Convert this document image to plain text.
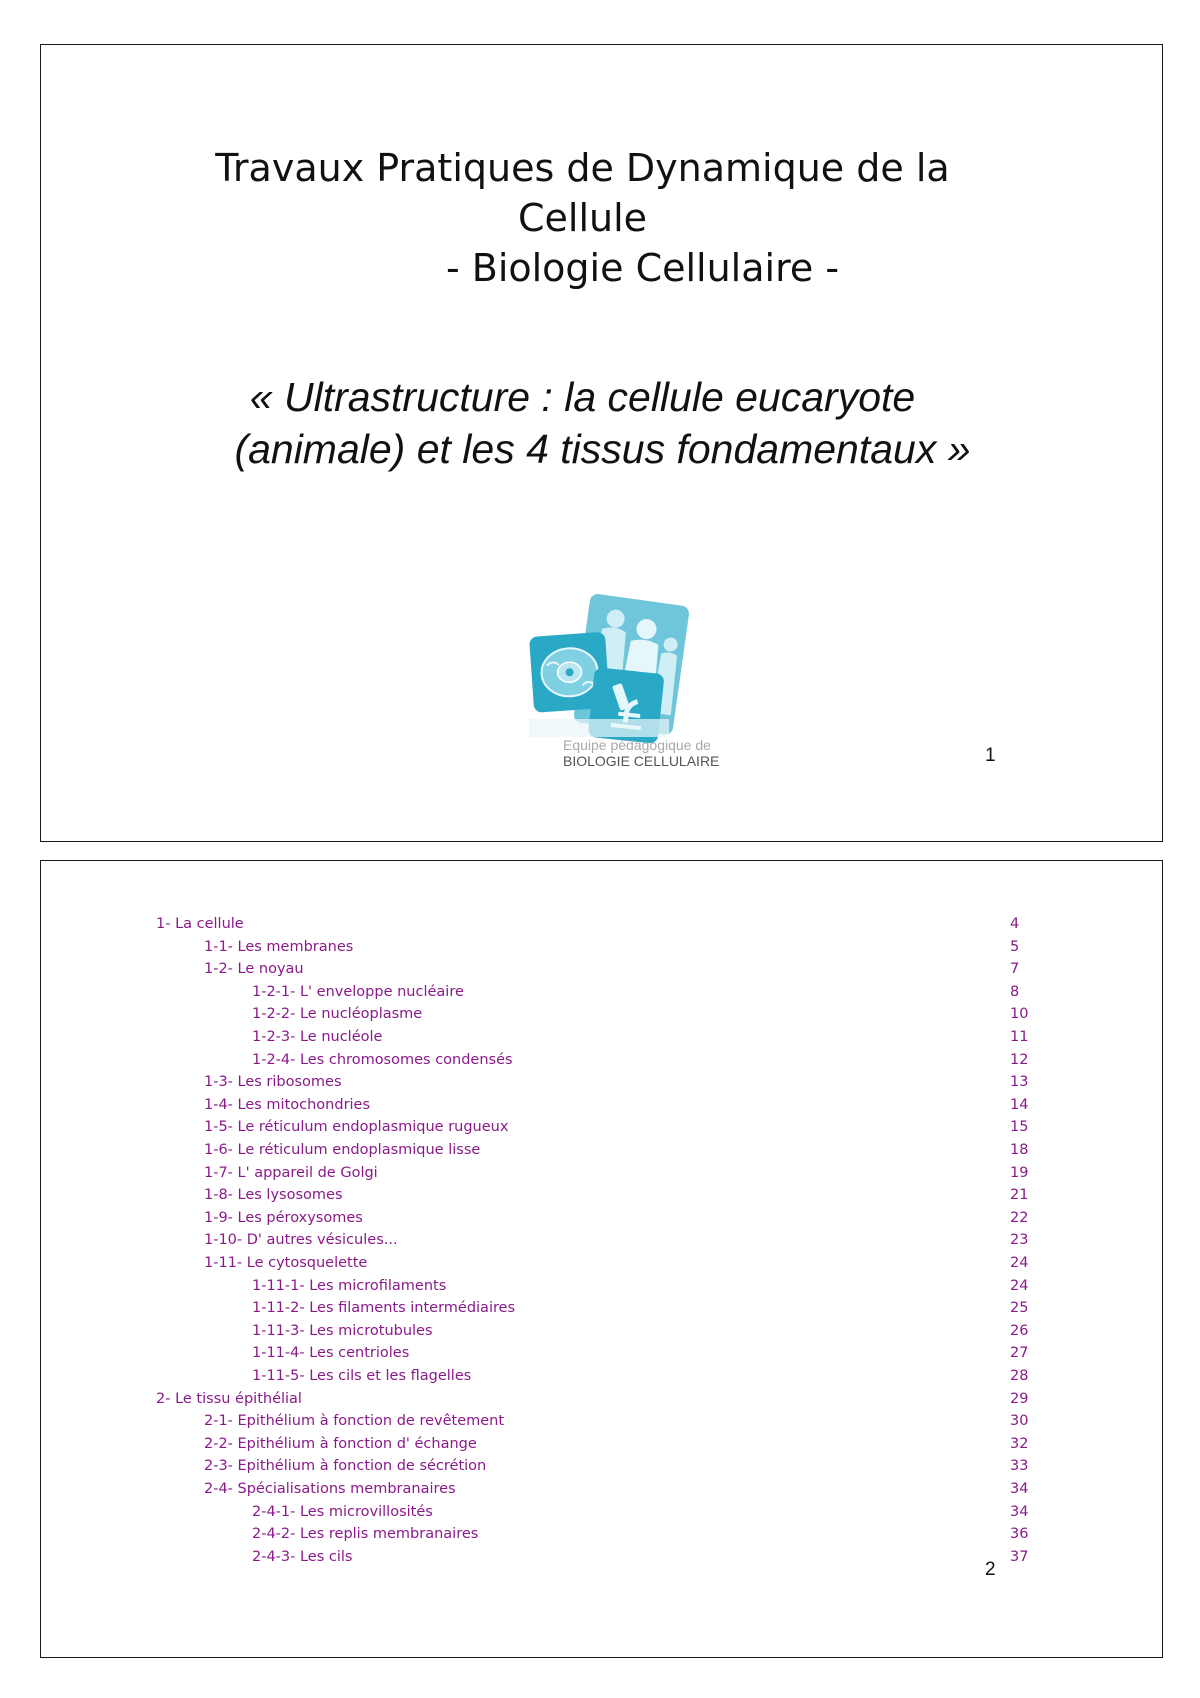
Travaux Pratiques de Dynamique de la
Cellule
- Biologie Cellulaire -
« Ultrastructure : la cellule eucaryote
(animale) et les 4 tissus fondamentaux »
Equipe pédagogique de
BIOLOGIE CELLULAIRE	1
1- La cellule	4
1-1- Les membranes	5
1-2- Le noyau	7
1-2-1- L' enveloppe nucléaire	8
1-2-2- Le nucléoplasme	10
1-2-3- Le nucléole	11
1-2-4- Les chromosomes condensés	12
1-3- Les ribosomes	13
1-4- Les mitochondries	14
1-5- Le réticulum endoplasmique rugueux	15
1-6- Le réticulum endoplasmique lisse	18
1-7- L' appareil de Golgi	19
1-8- Les lysosomes	21
1-9- Les péroxysomes	22
1-10- D' autres vésicules...	23
1-11- Le cytosquelette	24
1-11-1- Les microfilaments	24
1-11-2- Les filaments intermédiaires	25
1-11-3- Les microtubules	26
1-11-4- Les centrioles	27
1-11-5- Les cils et les flagelles	28
2- Le tissu épithélial	29
2-1- Epithélium à fonction de revêtement	30
2-2- Epithélium à fonction d' échange	32
2-3- Epithélium à fonction de sécrétion	33
2-4- Spécialisations membranaires	34
2-4-1- Les microvillosités	34
2-4-2- Les replis membranaires	36
2-4-3- Les cils	37
2
